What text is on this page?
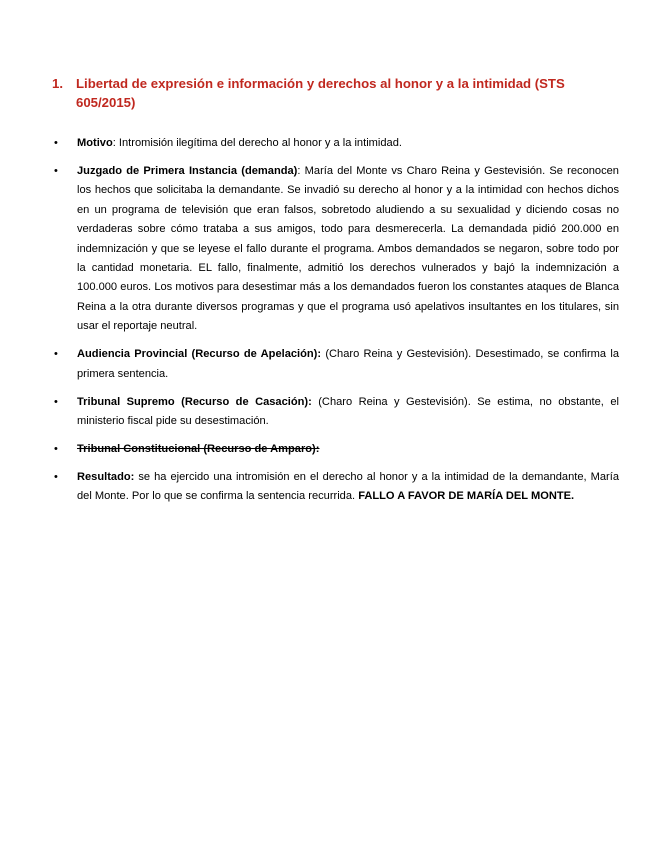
1. Libertad de expresión e información y derechos al honor y a la intimidad (STS 605/2015)
• Motivo: Intromisión ilegítima del derecho al honor y a la intimidad.
• Juzgado de Primera Instancia (demanda): María del Monte vs Charo Reina y Gestevisión. Se reconocen los hechos que solicitaba la demandante. Se invadió su derecho al honor y a la intimidad con hechos dichos en un programa de televisión que eran falsos, sobretodo aludiendo a su sexualidad y diciendo cosas no verdaderas sobre cómo trataba a sus amigos, todo para desmerecerla. La demandada pidió 200.000 en indemnización y que se leyese el fallo durante el programa. Ambos demandados se negaron, sobre todo por la cantidad monetaria. EL fallo, finalmente, admitió los derechos vulnerados y bajó la indemnización a 100.000 euros. Los motivos para desestimar más a los demandados fueron los constantes ataques de Blanca Reina a la otra durante diversos programas y que el programa usó apelativos insultantes en los titulares, sin usar el reportaje neutral.
• Audiencia Provincial (Recurso de Apelación): (Charo Reina y Gestevisión). Desestimado, se confirma la primera sentencia.
• Tribunal Supremo (Recurso de Casación): (Charo Reina y Gestevisión). Se estima, no obstante, el ministerio fiscal pide su desestimación.
• Tribunal Constitucional (Recurso de Amparo):
• Resultado: se ha ejercido una intromisión en el derecho al honor y a la intimidad de la demandante, María del Monte. Por lo que se confirma la sentencia recurrida. FALLO A FAVOR DE MARÍA DEL MONTE.
